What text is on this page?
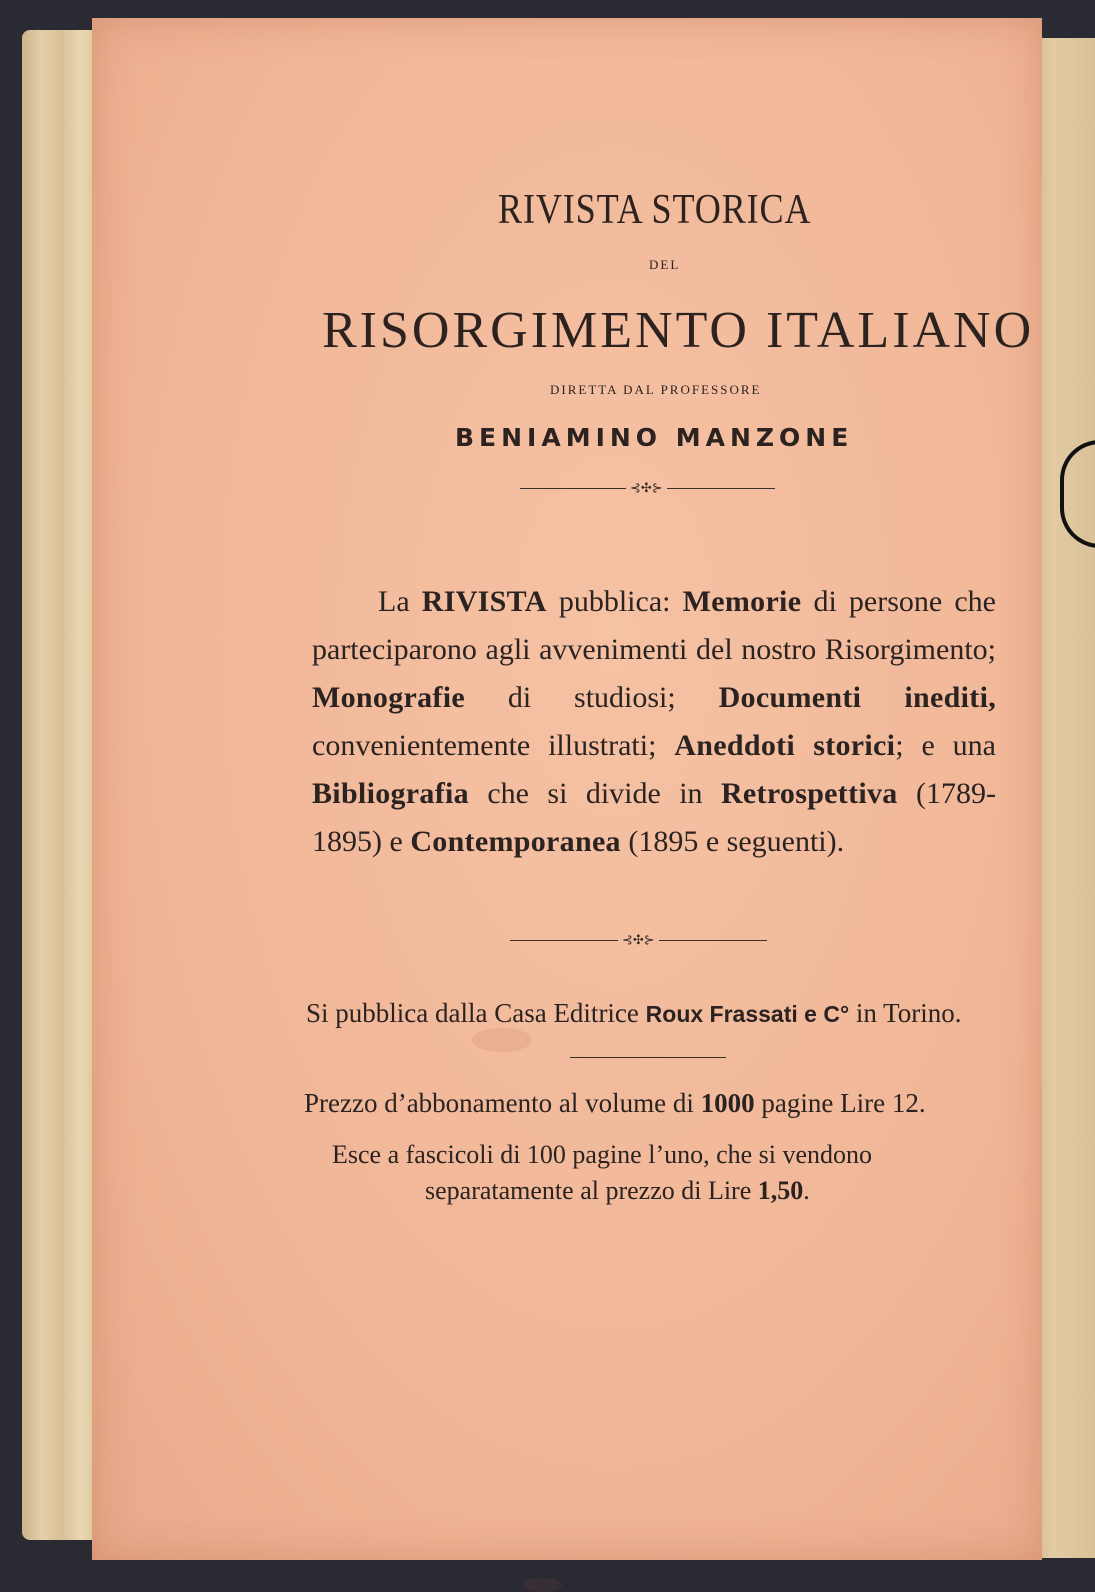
RIVISTA STORICA
DEL
RISORGIMENTO ITALIANO
DIRETTA DAL PROFESSORE
BENIAMINO MANZONE
⊰✣⊱
La RIVISTA pubblica: Memorie di persone che parteciparono agli avvenimenti del nostro Risorgimento; Monografie di studiosi; Documenti inediti, convenientemente illustrati; Aneddoti storici; e una Bibliografia che si divide in Retrospettiva (1789-1895) e Contemporanea (1895 e seguenti).
⊰✣⊱
Si pubblica dalla Casa Editrice Roux Frassati e C° in Torino.
Prezzo d’abbonamento al volume di 1000 pagine Lire 12.
Esce a fascicoli di 100 pagine l’uno, che si vendono
separatamente al prezzo di Lire 1,50.
